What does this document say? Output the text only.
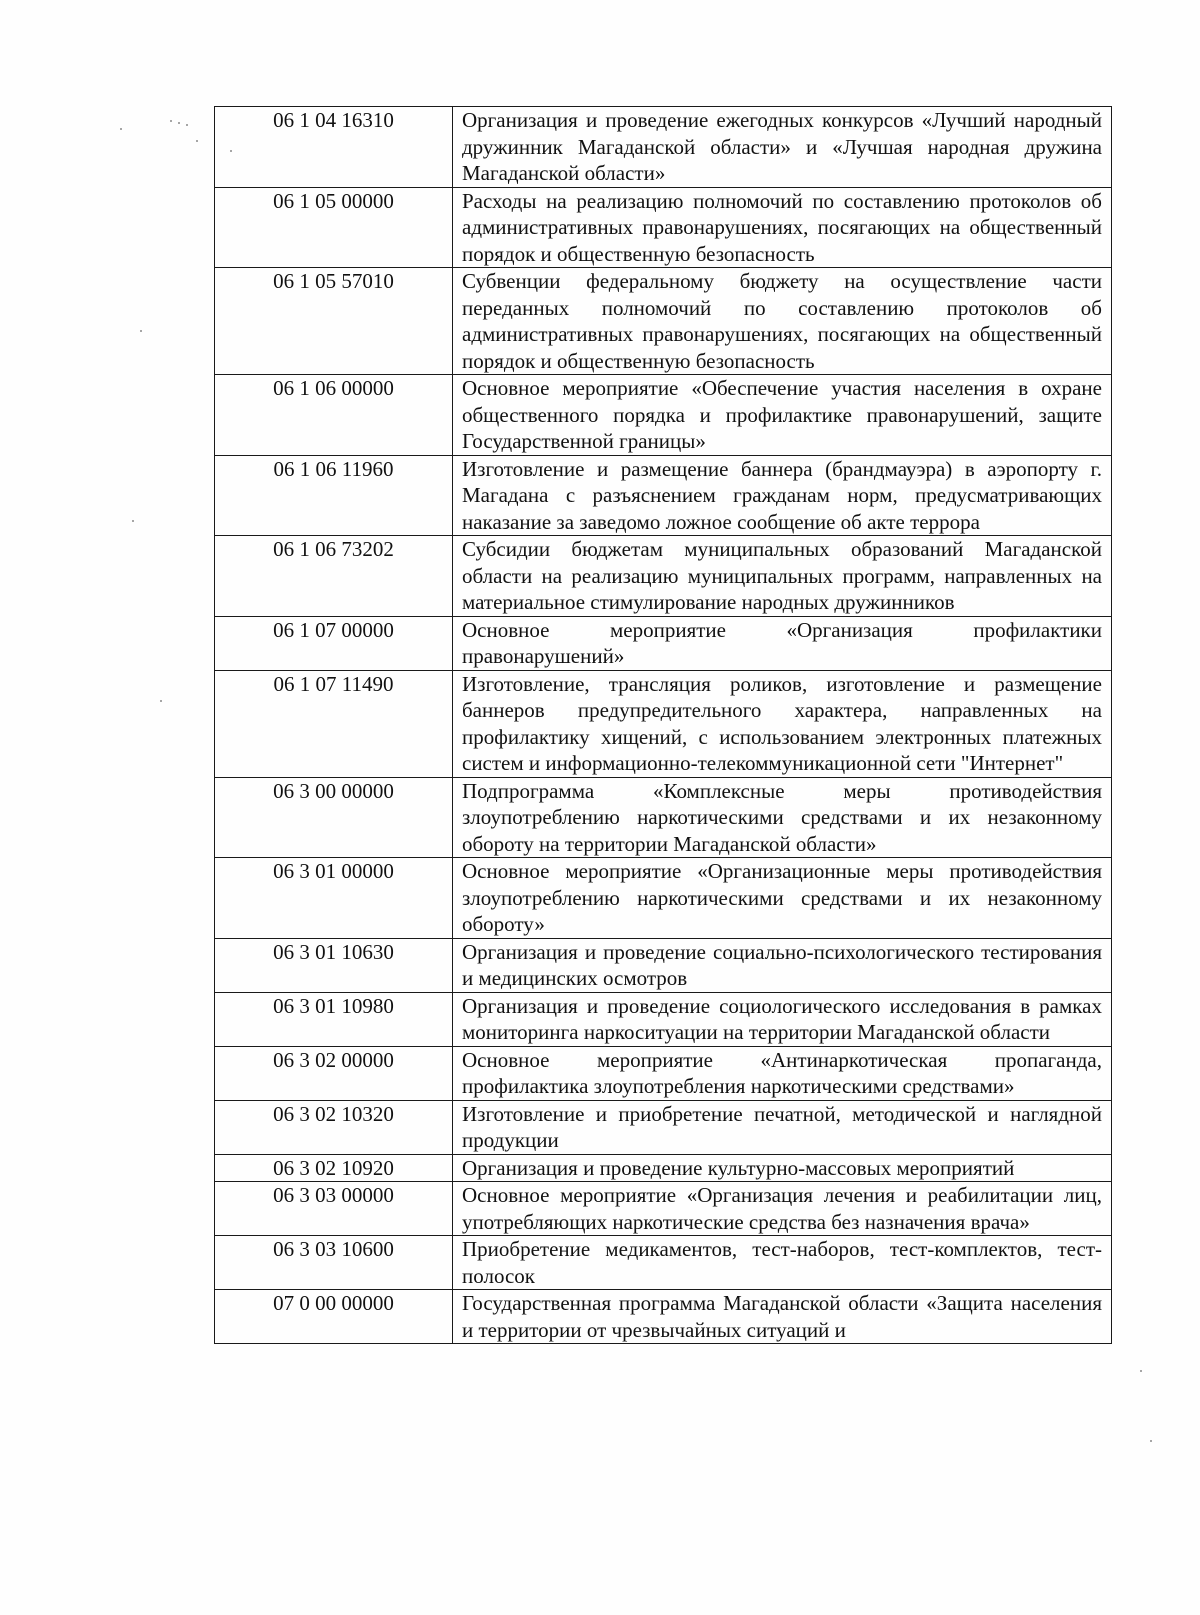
06 1 04 16310	Организация и проведение ежегодных конкурсов «Лучший народный дружинник Магаданской области» и «Лучшая народная дружина Магаданской области»
06 1 05 00000	Расходы на реализацию полномочий по составлению протоколов об административных правонарушениях, посягающих на общественный порядок и общественную безопасность
06 1 05 57010	Субвенции федеральному бюджету на осуществление части переданных полномочий по составлению протоколов об административных правонарушениях, посягающих на общественный порядок и общественную безопасность
06 1 06 00000	Основное мероприятие «Обеспечение участия населения в охране общественного порядка и профилактике правонарушений, защите Государственной границы»
06 1 06 11960	Изготовление и размещение баннера (брандмауэра) в аэропорту г. Магадана с разъяснением гражданам норм, предусматривающих наказание за заведомо ложное сообщение об акте террора
06 1 06 73202	Субсидии бюджетам муниципальных образований Магаданской области на реализацию муниципальных программ, направленных на материальное стимулирование народных дружинников
06 1 07 00000	Основное мероприятие «Организация профилактики правонарушений»
06 1 07 11490	Изготовление, трансляция роликов, изготовление и размещение баннеров предупредительного характера, направленных на профилактику хищений, с использованием электронных платежных систем и информационно-телекоммуникационной сети "Интернет"
06 3 00 00000	Подпрограмма «Комплексные меры противодействия злоупотреблению наркотическими средствами и их незаконному обороту на территории Магаданской области»
06 3 01 00000	Основное мероприятие «Организационные меры противодействия злоупотреблению наркотическими средствами и их незаконному обороту»
06 3 01 10630	Организация и проведение социально-психологического тестирования и медицинских осмотров
06 3 01 10980	Организация и проведение социологического исследования в рамках мониторинга наркоситуации на территории Магаданской области
06 3 02 00000	Основное мероприятие «Антинаркотическая пропаганда, профилактика злоупотребления наркотическими средствами»
06 3 02 10320	Изготовление и приобретение печатной, методической и наглядной продукции
06 3 02 10920	Организация и проведение культурно-массовых мероприятий
06 3 03 00000	Основное мероприятие «Организация лечения и реабилитации лиц, употребляющих наркотические средства без назначения врача»
06 3 03 10600	Приобретение медикаментов, тест-наборов, тест-комплектов, тест-полосок
07 0 00 00000	Государственная программа Магаданской области «Защита населения и территории от чрезвычайных ситуаций и
